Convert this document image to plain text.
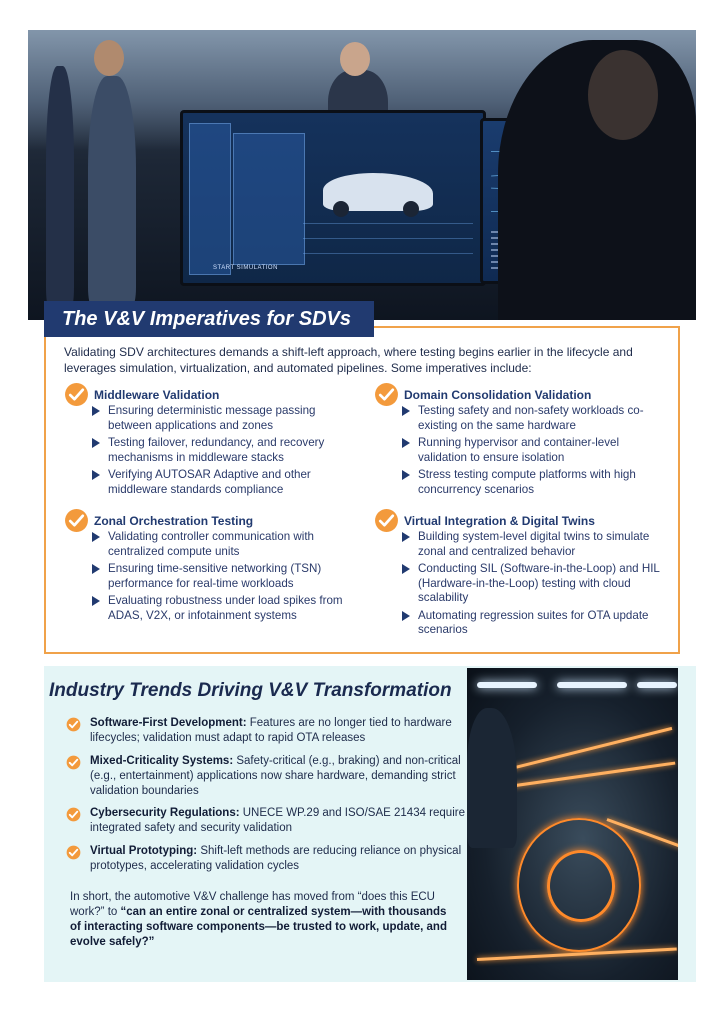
START SIMULATION
The V&V Imperatives for SDVs
Validating SDV architectures demands a shift-left approach, where testing begins earlier in the lifecycle and leverages simulation, virtualization, and automated pipelines. Some imperatives include:
Middleware Validation
Ensuring deterministic message passing between applications and zones
Testing failover, redundancy, and recovery mechanisms in middleware stacks
Verifying AUTOSAR Adaptive and other middleware standards compliance
Domain Consolidation Validation
Testing safety and non-safety workloads co-existing on the same hardware
Running hypervisor and container-level validation to ensure isolation
Stress testing compute platforms with high concurrency scenarios
Zonal Orchestration Testing
Validating controller communication with centralized compute units
Ensuring time-sensitive networking (TSN) performance for real-time workloads
Evaluating robustness under load spikes from ADAS, V2X, or infotainment systems
Virtual Integration & Digital Twins
Building system-level digital twins to simulate zonal and centralized behavior
Conducting SIL (Software-in-the-Loop) and HIL (Hardware-in-the-Loop) testing with cloud scalability
Automating regression suites for OTA update scenarios
Industry Trends Driving V&V Transformation

Software-First Development: Features are no longer tied to hardware lifecycles; validation must adapt to rapid OTA releases

Mixed-Criticality Systems: Safety-critical (e.g., braking) and non-critical (e.g., entertainment) applications now share hardware, demanding strict validation boundaries

Cybersecurity Regulations: UNECE WP.29 and ISO/SAE 21434 require integrated safety and security validation

Virtual Prototyping: Shift-left methods are reducing reliance on physical prototypes, accelerating validation cycles

In short, the automotive V&V challenge has moved from “does this ECU work?” to “can an entire zonal or centralized system—with thousands of interacting software components—be trusted to work, update, and evolve safely?”
